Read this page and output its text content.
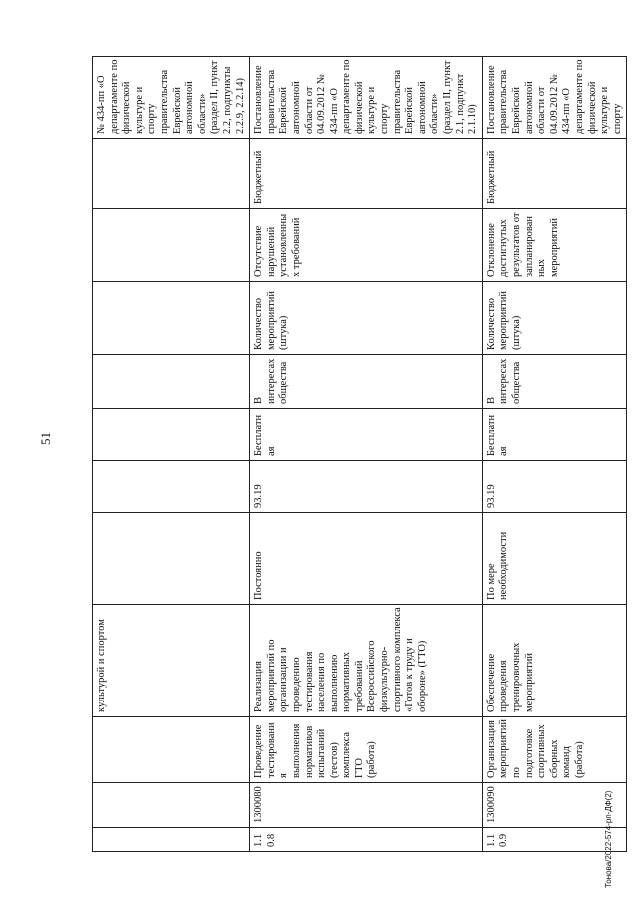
51
			культурой и спортом								№ 434-пп «О департаменте по физической культуре и спорту правительства Еврейской автономной области» (раздел II, пункт 2.2, подпункты 2.2.9, 2.2.14)
1.10.8	1300080	Проведение тестирования выполнения нормативов испытаний (тестов) комплекса ГТО (работа)	Реализация мероприятий по организации и проведению тестирования населения по выполнению нормативных требований Всероссийского физкультурно-спортивного комплекса «Готов к труду и обороне» (ГТО)	Постоянно	93.19	Бесплатная	В интересах общества	Количество мероприятий (штука)	Отсутствие нарушений установленных требований	Бюджетный	Постановление правительства Еврейской автономной области от 04.09.2012 № 434-пп «О департаменте по физической культуре и спорту правительства Еврейской автономной области» (раздел II, пункт 2.1, подпункт 2.1.10)
1.10.9	1300090	Организация мероприятий по подготовке спортивных сборных команд (работа)	Обеспечение проведения тренировочных мероприятий	По мере необходимости	93.19	Бесплатная	В интересах общества	Количество мероприятий (штука)	Отклонение достигнутых результатов от запланированных мероприятий	Бюджетный	Постановление правительства Еврейской автономной области от 04.09.2012 № 434-пп «О департаменте по физической культуре и спорту
Тонова/2022-574-рп-ДФ(2)
